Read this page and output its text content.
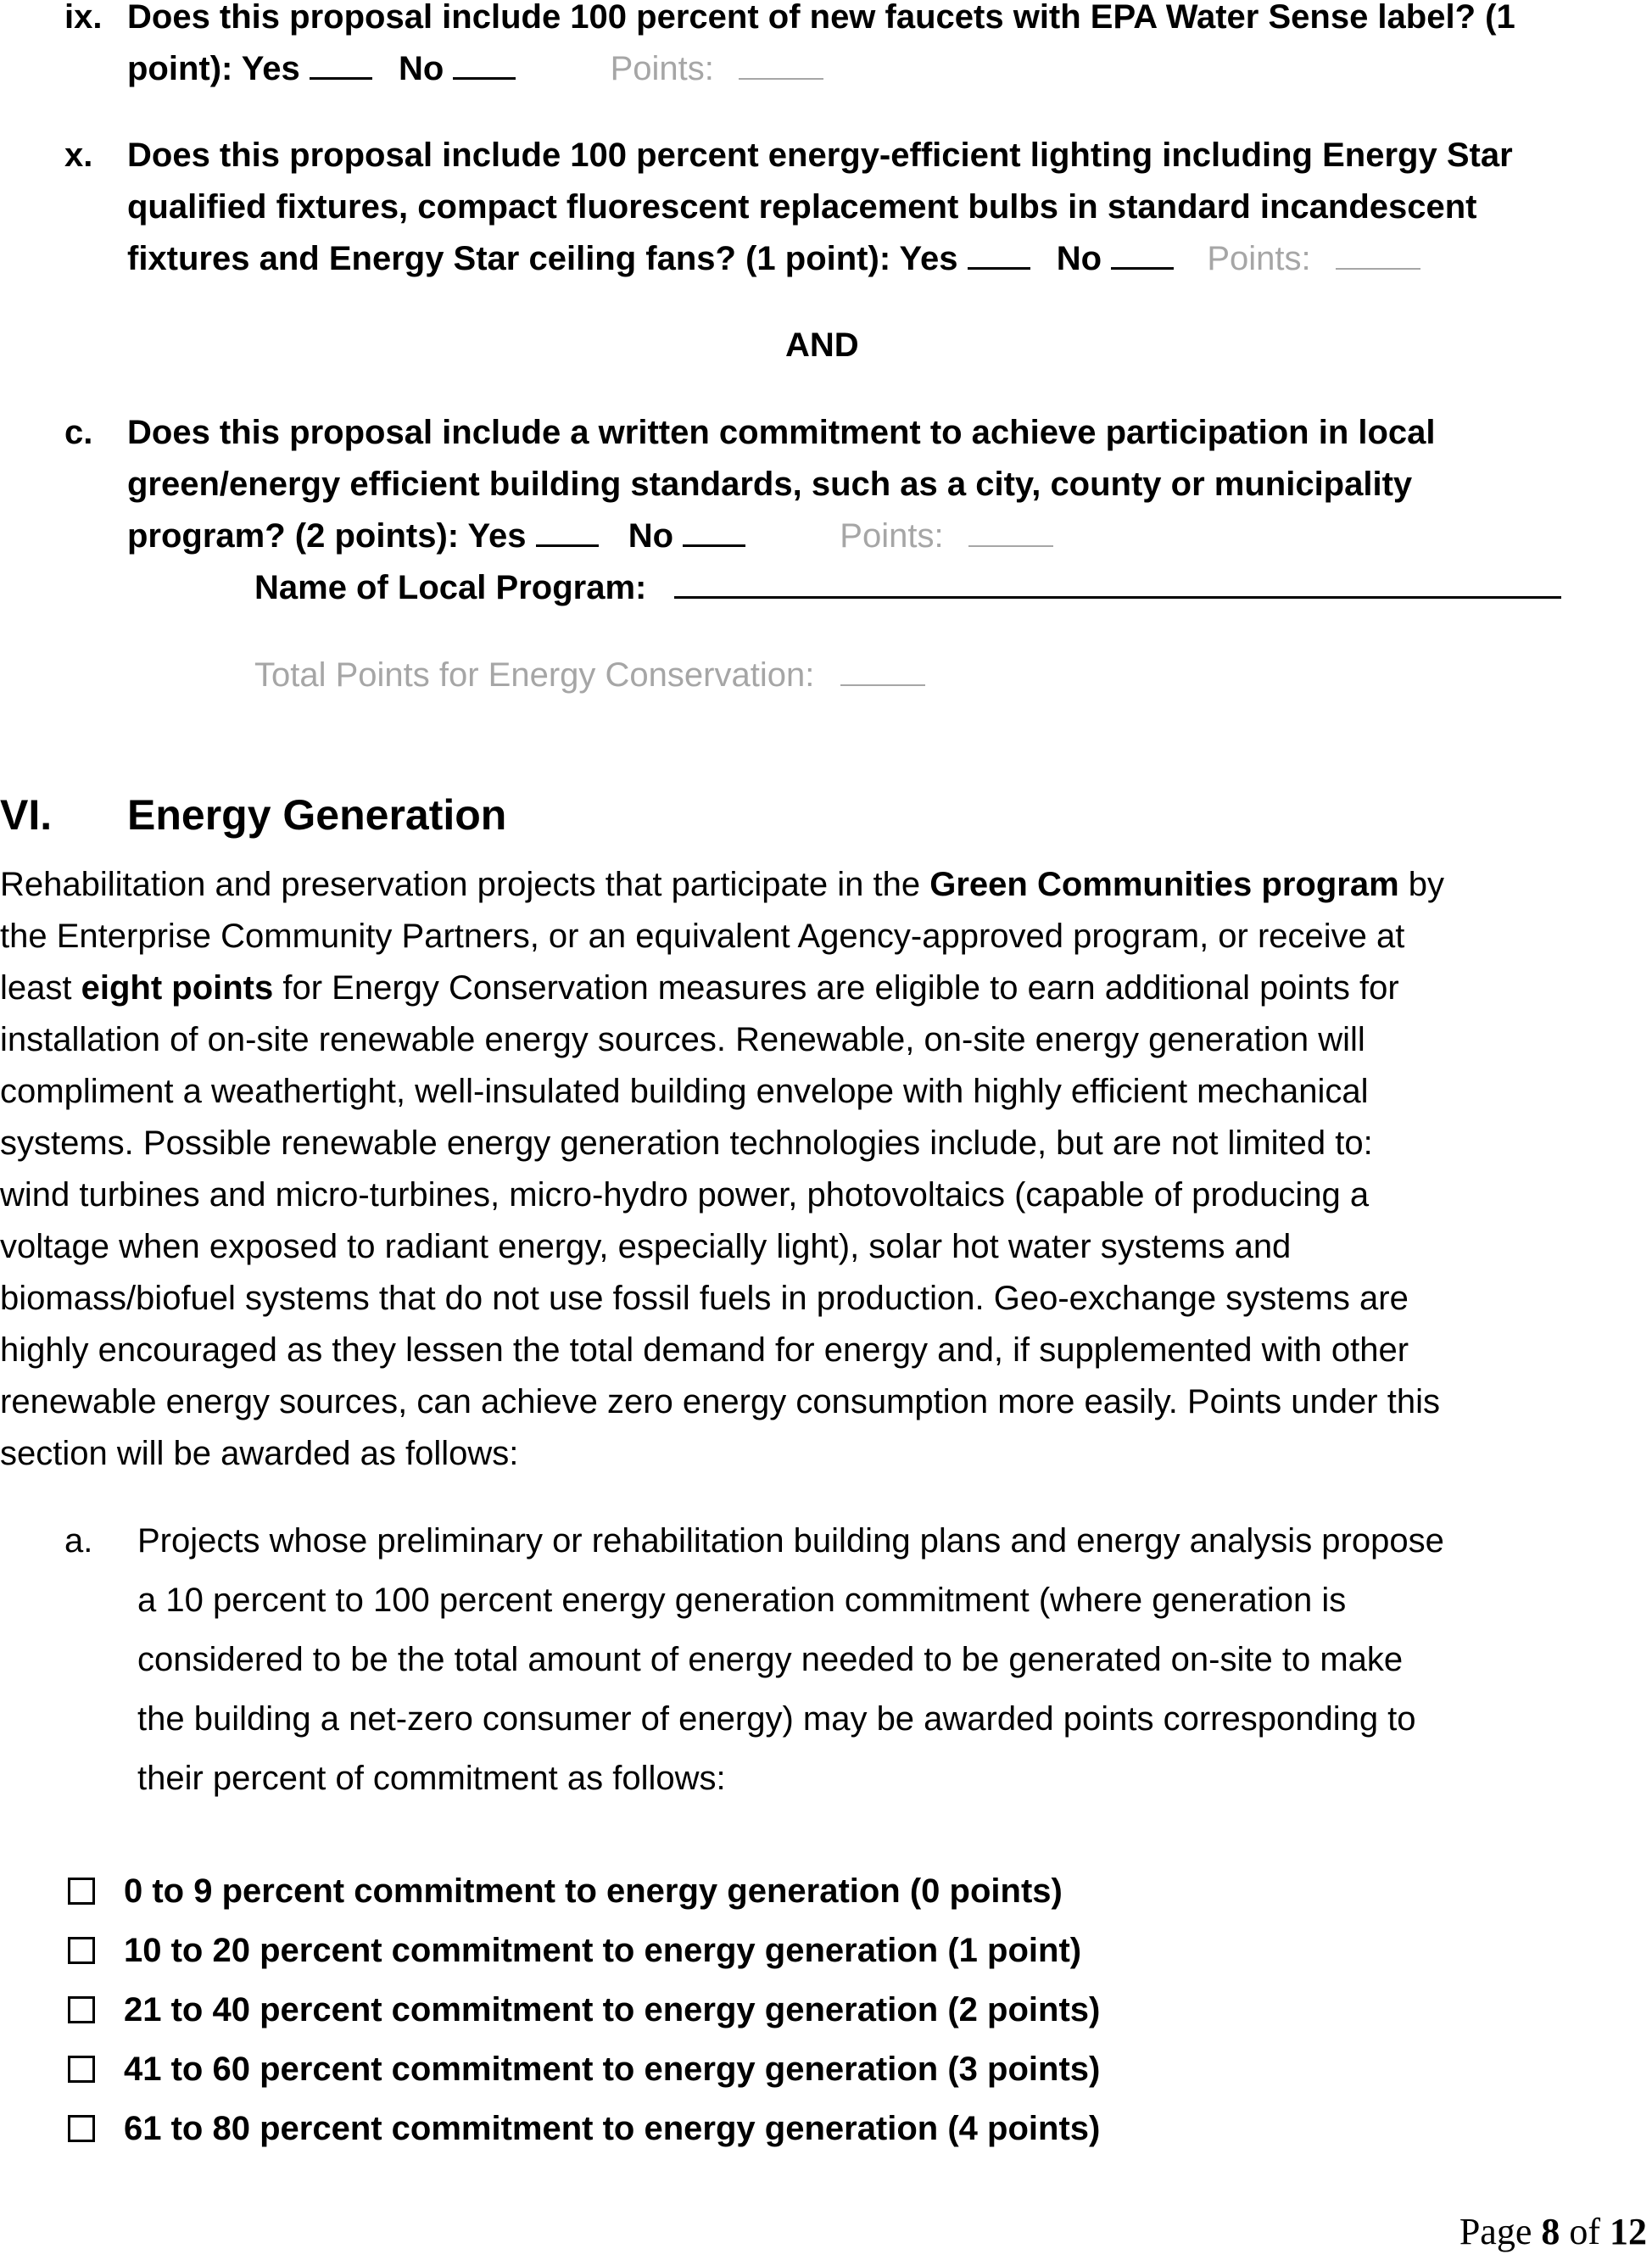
ix. Does this proposal include 100 percent of new faucets with EPA Water Sense label? (1
point): Yes	No	Points:
x. Does this proposal include 100 percent energy-efficient lighting including Energy Star
qualified fixtures, compact fluorescent replacement bulbs in standard incandescent
fixtures and Energy Star ceiling fans? (1 point): Yes	No	Points:
AND
c. Does this proposal include a written commitment to achieve participation in local
green/energy efficient building standards, such as a city, county or municipality
program? (2 points): Yes	No	Points:
Name of Local Program:
Total Points for Energy Conservation:
VI. Energy Generation

Rehabilitation and preservation projects that participate in the Green Communities program by

the Enterprise Community Partners, or an equivalent Agency-approved program, or receive at

least eight points for Energy Conservation measures are eligible to earn additional points for

installation of on-site renewable energy sources. Renewable, on-site energy generation will

compliment a weathertight, well-insulated building envelope with highly efficient mechanical

systems. Possible renewable energy generation technologies include, but are not limited to:

wind turbines and micro-turbines, micro-hydro power, photovoltaics (capable of producing a

voltage when exposed to radiant energy, especially light), solar hot water systems and

biomass/biofuel systems that do not use fossil fuels in production. Geo-exchange systems are

highly encouraged as they lessen the total demand for energy and, if supplemented with other

renewable energy sources, can achieve zero energy consumption more easily. Points under this

section will be awarded as follows:

a. Projects whose preliminary or rehabilitation building plans and energy analysis propose
a 10 percent to 100 percent energy generation commitment (where generation is
considered to be the total amount of energy needed to be generated on-site to make
the building a net-zero consumer of energy) may be awarded points corresponding to
their percent of commitment as follows:
0 to 9 percent commitment to energy generation (0 points)
10 to 20 percent commitment to energy generation (1 point)
21 to 40 percent commitment to energy generation (2 points)
41 to 60 percent commitment to energy generation (3 points)
61 to 80 percent commitment to energy generation (4 points)
Page 8 of 12
